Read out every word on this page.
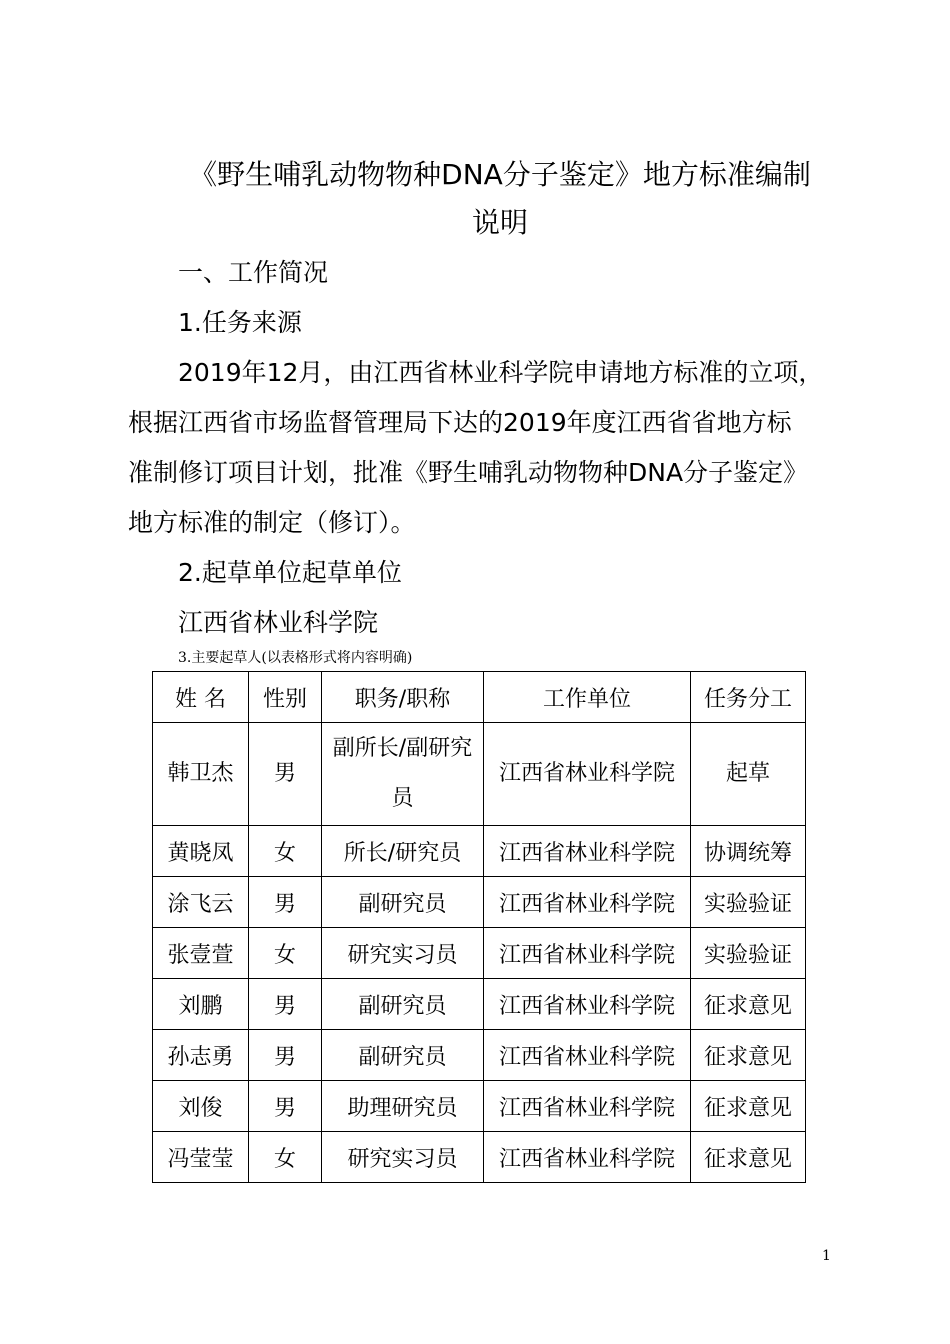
《野生哺乳动物物种DNA分子鉴定》地方标准编制
说明
一、工作简况
1.任务来源
2019年12月，由江西省林业科学院申请地方标准的立项，
根据江西省市场监督管理局下达的2019年度江西省省地方标
准制修订项目计划，批准《野生哺乳动物物种DNA分子鉴定》
地方标准的制定（修订）。
2.起草单位起草单位
江西省林业科学院
3.主要起草人(以表格形式将内容明确)
姓 名	性别	职务/职称	工作单位	任务分工
韩卫杰	男	副所长/副研究员	江西省林业科学院	起草
黄晓凤	女	所长/研究员	江西省林业科学院	协调统筹
涂飞云	男	副研究员	江西省林业科学院	实验验证
张壹萱	女	研究实习员	江西省林业科学院	实验验证
刘鹏	男	副研究员	江西省林业科学院	征求意见
孙志勇	男	副研究员	江西省林业科学院	征求意见
刘俊	男	助理研究员	江西省林业科学院	征求意见
冯莹莹	女	研究实习员	江西省林业科学院	征求意见
1
